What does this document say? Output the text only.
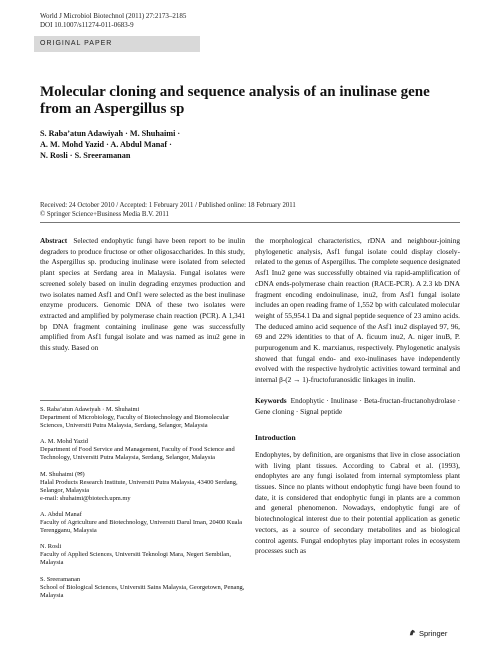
World J Microbiol Biotechnol (2011) 27:2173–2185
DOI 10.1007/s11274-011-0683-9
ORIGINAL PAPER
Molecular cloning and sequence analysis of an inulinase gene from an Aspergillus sp
S. Raba’atun Adawiyah · M. Shuhaimi ·
A. M. Mohd Yazid · A. Abdul Manaf ·
N. Rosli · S. Sreeramanan
Received: 24 October 2010 / Accepted: 1 February 2011 / Published online: 18 February 2011
© Springer Science+Business Media B.V. 2011

Abstract Selected endophytic fungi have been report to be inulin degraders to produce fructose or other oligosaccharides. In this study, the Aspergillus sp. producing inulinase were isolated from selected plant species at Serdang area in Malaysia. Fungal isolates were screened solely based on inulin degrading enzymes production and two isolates named Asf1 and Onf1 were selected as the best inulinase enzyme producers. Genomic DNA of these two isolates were extracted and amplified by polymerase chain reaction (PCR). A 1,341 bp DNA fragment containing inulinase gene was successfully amplified from Asf1 fungal isolate and was named as inu2 gene in this study. Based on

S. Raba’atun Adawiyah · M. Shuhaimi
Department of Microbiology, Faculty of Biotechnology and Biomolecular Sciences, Universiti Putra Malaysia, Serdang, Selangor, Malaysia
A. M. Mohd Yazid
Department of Food Service and Management, Faculty of Food Science and Technology, Universiti Putra Malaysia, Serdang, Selangor, Malaysia
M. Shuhaimi (✉)
Halal Products Research Institute, Universiti Putra Malaysia, 43400 Serdang, Selangor, Malaysia
e-mail: shuhaimi@biotech.upm.my
A. Abdul Manaf
Faculty of Agriculture and Biotechnology, Universiti Darul Iman, 20400 Kuala Terengganu, Malaysia
N. Rosli
Faculty of Applied Sciences, Universiti Teknologi Mara, Negeri Sembilan, Malaysia
S. Sreeramanan
School of Biological Sciences, Universiti Sains Malaysia, Georgetown, Penang, Malaysia

the morphological characteristics, rDNA and neighbour-joining phylogenetic analysis, Asf1 fungal isolate could display closely-related to the genus of Aspergillus. The complete sequence designated Asf1 Inu2 gene was successfully obtained via rapid-amplification of cDNA ends-polymerase chain reaction (RACE-PCR). A 2.3 kb DNA fragment encoding endoinulinase, inu2, from Asf1 fungal isolate includes an open reading frame of 1,552 bp with calculated molecular weight of 55,954.1 Da and signal peptide sequence of 23 amino acids. The deduced amino acid sequence of the Asf1 inu2 displayed 97, 96, 69 and 22% identities to that of A. ficuum inu2, A. niger inuB, P. purpurogenum and K. marxianus, respectively. Phylogenetic analysis showed that fungal endo- and exo-inulinases have independently evolved with the respective hydrolytic activities toward terminal and internal β-(2 → 1)-fructofuranosidic linkages in inulin.

Keywords Endophytic · Inulinase · Beta-fructan-fructanohydrolase · Gene cloning · Signal peptide

Introduction

Endophytes, by definition, are organisms that live in close association with living plant tissues. According to Cabral et al. (1993), endophytes are any fungi isolated from internal symptomless plant tissues. Since no plants without endophytic fungi have been found to date, it is considered that endophytic fungi in plants are a common and general phenomenon. Nowadays, endophytic fungi are of biotechnological interest due to their potential application as genetic vectors, as a source of secondary metabolites and as biological control agents. Fungal endophytes play important roles in ecosystem processes such as

Springer
